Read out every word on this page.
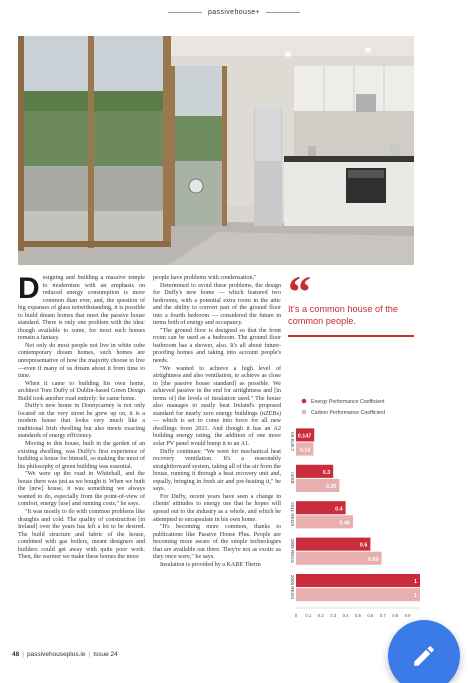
passivehouse+

Designing and building a massive temple to modernism with an emphasis on reduced energy consumption is more common than ever, and, the question of big expanses of glass notwithstanding, it is possible to build dream homes that meet the passive house standard. There is only one problem with the idea: though available to some, for most such homes remain a fantasy.

Not only do most people not live in white cube contemporary dream homes, such homes are unrepresentative of how the majority choose to live—even if many of us dream about it from time to time.

When it came to building his own home, architect Tom Duffy of Dublin-based Green Design Build took another road entirely: he came home.

Duffy's new home in Donnycarney is not only located on the very street he grew up on, it is a modern house that looks very much like a traditional Irish dwelling but also meets exacting standards of energy efficiency.

Moving to this house, built in the garden of an existing dwelling, was Duffy's first experience of building a house for himself, so making the most of his philosophy of green building was essential.

"We were up the road in Whitehall, and the house there was just as we bought it. When we built the [new] house, it was something we always wanted to do, especially from the point-of-view of comfort, energy [use] and running costs," he says.

"It was mostly to do with common problems like draughts and cold. The quality of construction [in Ireland] over the years has left a lot to be desired. The build structure and fabric of the house, combined with gas boilers, meant designers and builders could get away with quite poor work. Then, the warmer we make these homes the more

people have problems with condensation."

Determined to avoid these problems, the design for Duffy's new home — which featured two bedrooms, with a potential extra room in the attic and the ability to convert part of the ground floor into a fourth bedroom — considered the future in terms both of energy and occupancy.

"The ground floor is designed so that the front room can be used as a bedroom. The ground floor bathroom has a shower, also. It's all about future-proofing homes and taking into account people's needs.

"We wanted to achieve a high level of airtightness and also ventilation, to achieve as close to [the passive house standard] as possible. We achieved passive in the end for airtightness and [in terms of] the levels of insulation used." The house also manages to easily beat Ireland's proposed standard for nearly zero energy buildings (nZEBs) — which is set to come into force for all new dwellings from 2021. And though it has an A2 building energy rating, the addition of one more solar PV panel would bump it to an A1.

Duffy continues: "We went for mechanical heat recovery ventilation. It's a reasonably straightforward system, taking all of the air from the house, running it through a heat recovery unit and, equally, bringing in fresh air and pre-heating it," he says.

For Duffy, recent years have seen a change in clients' attitudes to energy use that he hopes will spread out to the industry as a whole, and which he attempted to encapsulate in his own home.

"It's becoming more common, thanks to publications like Passive House Plus. People are becoming more aware of the simple technologies that are available out there. They're not as exotic as they once were," he says.

Insulation is provided by a KABE Therm

“
It's a common house of the common people.
Energy Performance Coefficient
Carbon Performance Coefficient
A6 BUILT 0.147
0.14
nZEB	0.3
0.35
2011 REGS	0.4
0.46
2008 REGS	0.6
0.69
2005 REGS	1
1
0 0.1 0.2 0.3 0.4 0.5 0.6 0.7 0.8 0.9
48 | passivehouseplus.ie | Issue 24
